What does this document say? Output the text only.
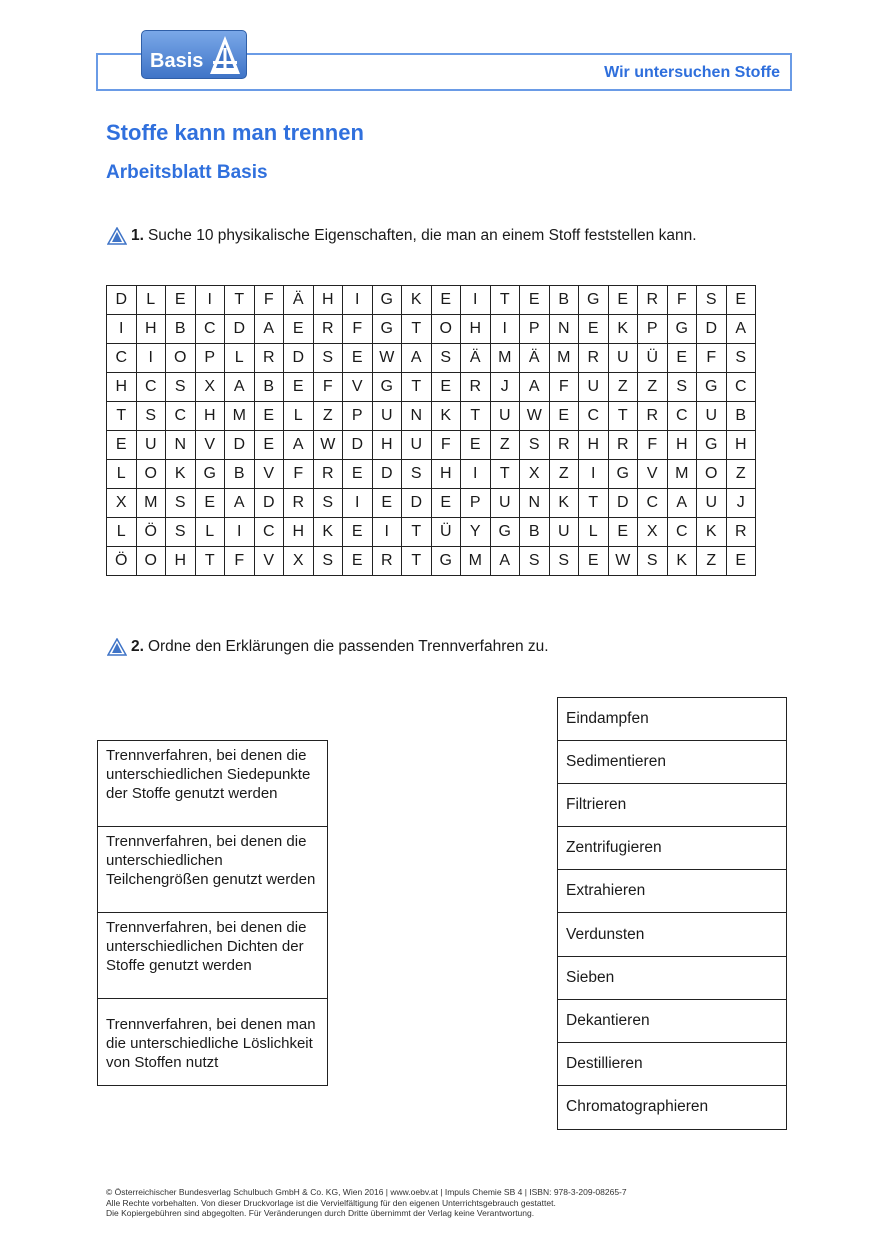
Wir untersuchen Stoffe
Basis
Stoffe kann man trennen
Arbeitsblatt Basis
1. Suche 10 physikalische Eigenschaften, die man an einem Stoff feststellen kann.
D	L	E	I	T	F	Ä	H	I	G	K	E	I	T	E	B	G	E	R	F	S	E
I	H	B	C	D	A	E	R	F	G	T	O	H	I	P	N	E	K	P	G	D	A
C	I	O	P	L	R	D	S	E	W	A	S	Ä	M	Ä	M	R	U	Ü	E	F	S
H	C	S	X	A	B	E	F	V	G	T	E	R	J	A	F	U	Z	Z	S	G	C
T	S	C	H	M	E	L	Z	P	U	N	K	T	U	W	E	C	T	R	C	U	B
E	U	N	V	D	E	A	W	D	H	U	F	E	Z	S	R	H	R	F	H	G	H
L	O	K	G	B	V	F	R	E	D	S	H	I	T	X	Z	I	G	V	M	O	Z
X	M	S	E	A	D	R	S	I	E	D	E	P	U	N	K	T	D	C	A	U	J
L	Ö	S	L	I	C	H	K	E	I	T	Ü	Y	G	B	U	L	E	X	C	K	R
Ö	O	H	T	F	V	X	S	E	R	T	G	M	A	S	S	E	W	S	K	Z	E
2. Ordne den Erklärungen die passenden Trennverfahren zu.
Trennverfahren, bei denen die unterschiedlichen Siedepunkte der Stoffe genutzt werden
Trennverfahren, bei denen die unterschiedlichen Teilchengrößen genutzt werden
Trennverfahren, bei denen die unterschiedlichen Dichten der Stoffe genutzt werden
Trennverfahren, bei denen man die unterschiedliche Löslichkeit von Stoffen nutzt
Eindampfen
Sedimentieren
Filtrieren
Zentrifugieren
Extrahieren
Verdunsten
Sieben
Dekantieren
Destillieren
Chromatographieren
© Österreichischer Bundesverlag Schulbuch GmbH & Co. KG, Wien 2016 | www.oebv.at | Impuls Chemie SB 4 | ISBN: 978-3-209-08265-7
Alle Rechte vorbehalten. Von dieser Druckvorlage ist die Vervielfältigung für den eigenen Unterrichtsgebrauch gestattet.
Die Kopiergebühren sind abgegolten. Für Veränderungen durch Dritte übernimmt der Verlag keine Verantwortung.
